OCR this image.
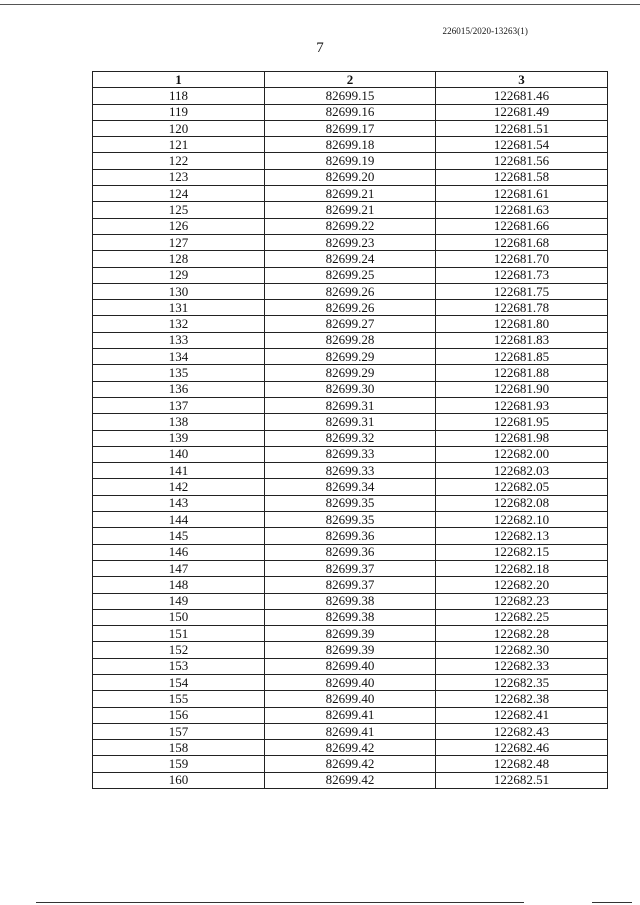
226015/2020-13263(1)
7
1	2	3
118	82699.15	122681.46
119	82699.16	122681.49
120	82699.17	122681.51
121	82699.18	122681.54
122	82699.19	122681.56
123	82699.20	122681.58
124	82699.21	122681.61
125	82699.21	122681.63
126	82699.22	122681.66
127	82699.23	122681.68
128	82699.24	122681.70
129	82699.25	122681.73
130	82699.26	122681.75
131	82699.26	122681.78
132	82699.27	122681.80
133	82699.28	122681.83
134	82699.29	122681.85
135	82699.29	122681.88
136	82699.30	122681.90
137	82699.31	122681.93
138	82699.31	122681.95
139	82699.32	122681.98
140	82699.33	122682.00
141	82699.33	122682.03
142	82699.34	122682.05
143	82699.35	122682.08
144	82699.35	122682.10
145	82699.36	122682.13
146	82699.36	122682.15
147	82699.37	122682.18
148	82699.37	122682.20
149	82699.38	122682.23
150	82699.38	122682.25
151	82699.39	122682.28
152	82699.39	122682.30
153	82699.40	122682.33
154	82699.40	122682.35
155	82699.40	122682.38
156	82699.41	122682.41
157	82699.41	122682.43
158	82699.42	122682.46
159	82699.42	122682.48
160	82699.42	122682.51
